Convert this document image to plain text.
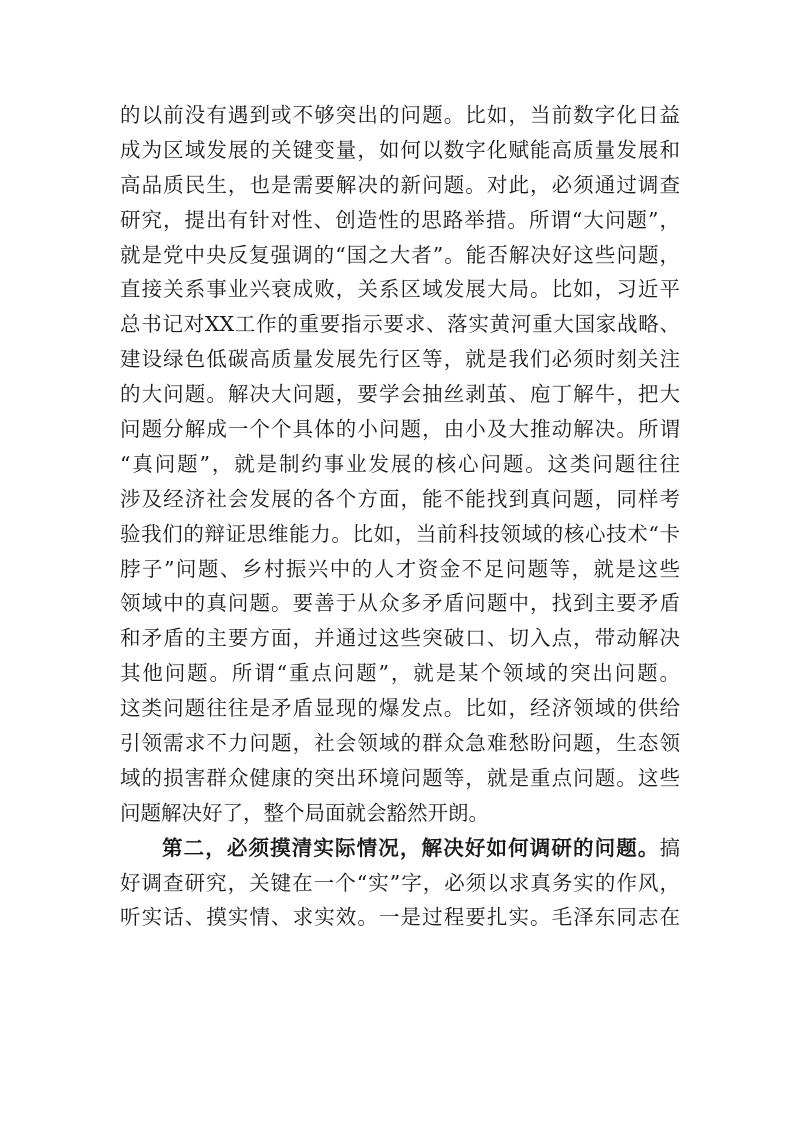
的以前没有遇到或不够突出的问题。比如，当前数字化日益
成为区域发展的关键变量，如何以数字化赋能高质量发展和
高品质民生，也是需要解决的新问题。对此，必须通过调查
研究，提出有针对性、创造性的思路举措。所谓“大问题”，
就是党中央反复强调的“国之大者”。能否解决好这些问题，
直接关系事业兴衰成败，关系区域发展大局。比如，习近平
总书记对XX工作的重要指示要求、落实黄河重大国家战略、
建设绿色低碳高质量发展先行区等，就是我们必须时刻关注
的大问题。解决大问题，要学会抽丝剥茧、庖丁解牛，把大
问题分解成一个个具体的小问题，由小及大推动解决。所谓
“真问题”，就是制约事业发展的核心问题。这类问题往往
涉及经济社会发展的各个方面，能不能找到真问题，同样考
验我们的辩证思维能力。比如，当前科技领域的核心技术“卡
脖子”问题、乡村振兴中的人才资金不足问题等，就是这些
领域中的真问题。要善于从众多矛盾问题中，找到主要矛盾
和矛盾的主要方面，并通过这些突破口、切入点，带动解决
其他问题。所谓“重点问题”，就是某个领域的突出问题。
这类问题往往是矛盾显现的爆发点。比如，经济领域的供给
引领需求不力问题，社会领域的群众急难愁盼问题，生态领
域的损害群众健康的突出环境问题等，就是重点问题。这些
问题解决好了，整个局面就会豁然开朗。
第二，必须摸清实际情况，解决好如何调研的问题。搞
好调查研究，关键在一个“实”字，必须以求真务实的作风，
听实话、摸实情、求实效。一是过程要扎实。毛泽东同志在
